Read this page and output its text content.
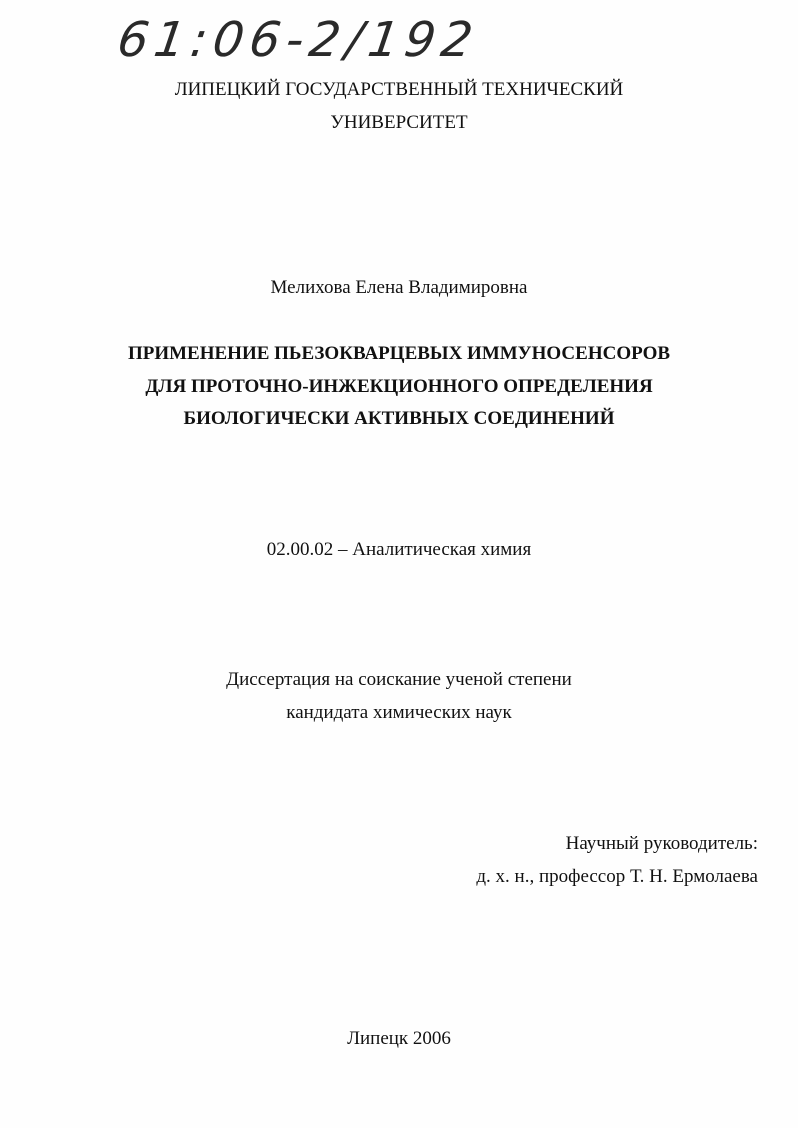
61:06-2/192
ЛИПЕЦКИЙ ГОСУДАРСТВЕННЫЙ ТЕХНИЧЕСКИЙ
УНИВЕРСИТЕТ
Мелихова Елена Владимировна
ПРИМЕНЕНИЕ ПЬЕЗОКВАРЦЕВЫХ ИММУНОСЕНСОРОВ
ДЛЯ ПРОТОЧНО-ИНЖЕКЦИОННОГО ОПРЕДЕЛЕНИЯ
БИОЛОГИЧЕСКИ АКТИВНЫХ СОЕДИНЕНИЙ
02.00.02 – Аналитическая химия
Диссертация на соискание ученой степени
кандидата химических наук
Научный руководитель:
д. х. н., профессор Т. Н. Ермолаева
Липецк 2006
